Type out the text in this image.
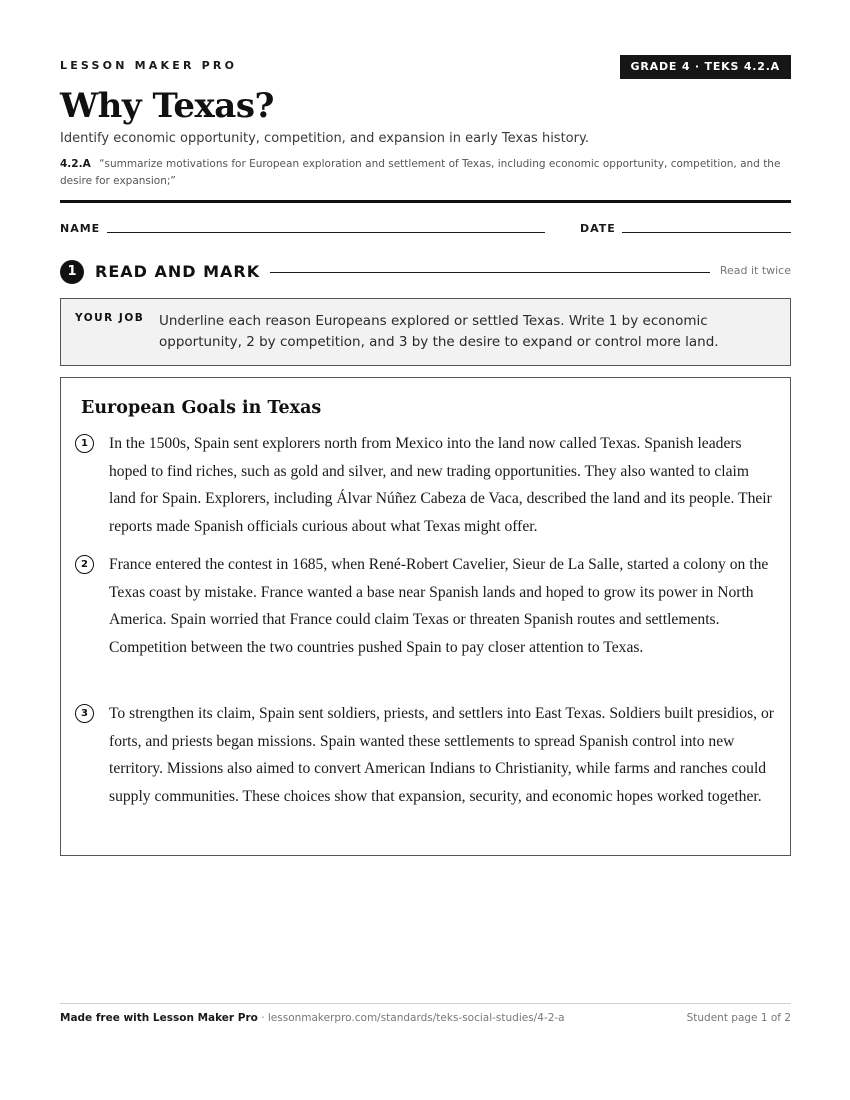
LESSON MAKER PRO	GRADE 4 · TEKS 4.2.A
Why Texas?
Identify economic opportunity, competition, and expansion in early Texas history.
4.2.A “summarize motivations for European exploration and settlement of Texas, including economic opportunity, competition, and the desire for expansion;”
NAME	DATE
1	READ AND MARK	Read it twice
YOUR JOB Underline each reason Europeans explored or settled Texas. Write 1 by economic opportunity, 2 by competition, and 3 by the desire to expand or control more land.
European Goals in Texas
1	In the 1500s, Spain sent explorers north from Mexico into the land now called Texas. Spanish leaders hoped to find riches, such as gold and silver, and new trading opportunities. They also wanted to claim land for Spain. Explorers, including Álvar Núñez Cabeza de Vaca, described the land and its people. Their reports made Spanish officials curious about what Texas might offer.
2	France entered the contest in 1685, when René-Robert Cavelier, Sieur de La Salle, started a colony on the Texas coast by mistake. France wanted a base near Spanish lands and hoped to grow its power in North America. Spain worried that France could claim Texas or threaten Spanish routes and settlements. Competition between the two countries pushed Spain to pay closer attention to Texas.
3	To strengthen its claim, Spain sent soldiers, priests, and settlers into East Texas. Soldiers built presidios, or forts, and priests began missions. Spain wanted these settlements to spread Spanish control into new territory. Missions also aimed to convert American Indians to Christianity, while farms and ranches could supply communities. These choices show that expansion, security, and economic hopes worked together.
Made free with Lesson Maker Pro · lessonmakerpro.com/standards/teks-social-studies/4-2-a	Student page 1 of 2
